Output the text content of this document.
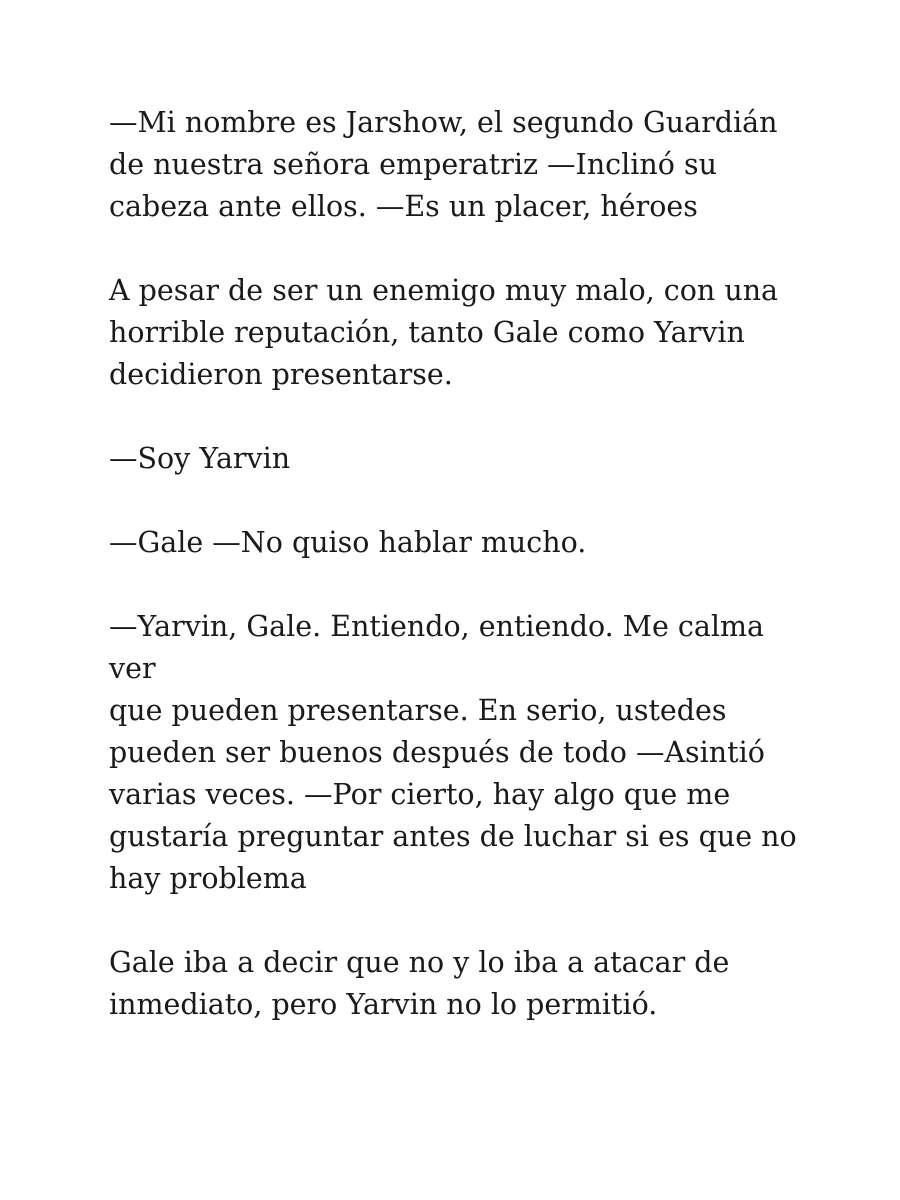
—Mi nombre es Jarshow, el segundo Guardián
de nuestra señora emperatriz —Inclinó su
cabeza ante ellos. —Es un placer, héroes

A pesar de ser un enemigo muy malo, con una
horrible reputación, tanto Gale como Yarvin
decidieron presentarse.

—Soy Yarvin

—Gale —No quiso hablar mucho.

—Yarvin, Gale. Entiendo, entiendo. Me calma ver
que pueden presentarse. En serio, ustedes
pueden ser buenos después de todo —Asintió
varias veces. —Por cierto, hay algo que me
gustaría preguntar antes de luchar si es que no
hay problema

Gale iba a decir que no y lo iba a atacar de
inmediato, pero Yarvin no lo permitió.
